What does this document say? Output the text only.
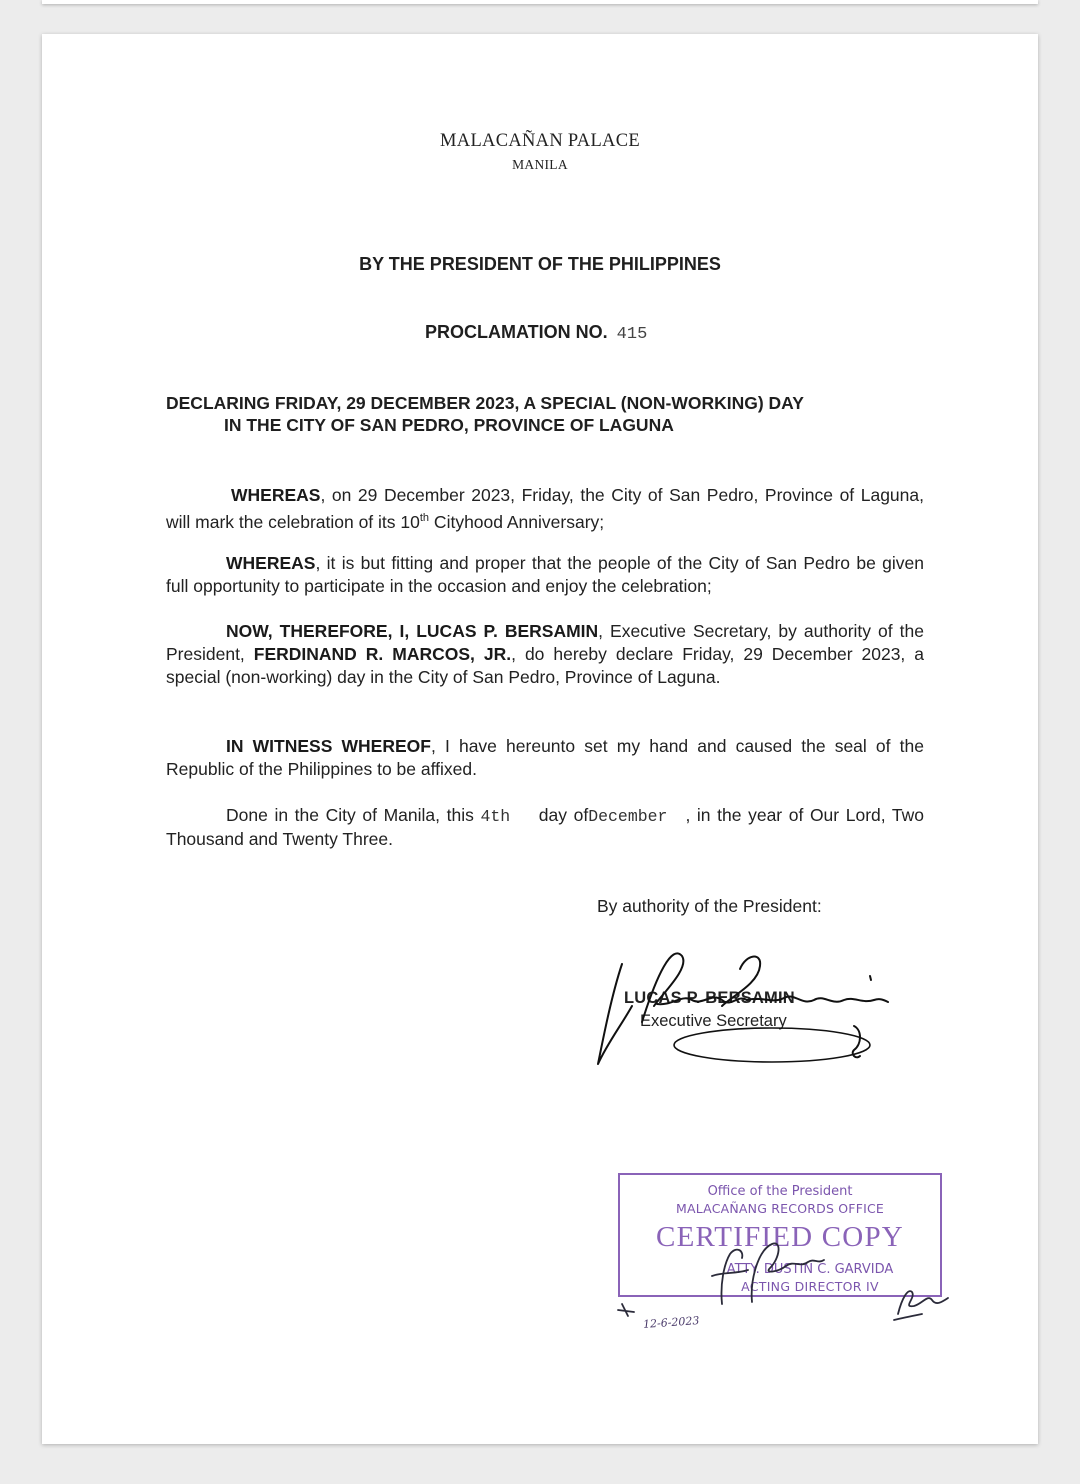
MALACAÑAN PALACE
MANILA
BY THE PRESIDENT OF THE PHILIPPINES
PROCLAMATION NO. 415
DECLARING FRIDAY, 29 DECEMBER 2023, A SPECIAL (NON-WORKING) DAY
IN THE CITY OF SAN PEDRO, PROVINCE OF LAGUNA
WHEREAS, on 29 December 2023, Friday, the City of San Pedro, Province of Laguna, will mark the celebration of its 10th Cityhood Anniversary;
WHEREAS, it is but fitting and proper that the people of the City of San Pedro be given full opportunity to participate in the occasion and enjoy the celebration;
NOW, THEREFORE, I, LUCAS P. BERSAMIN, Executive Secretary, by authority of the President, FERDINAND R. MARCOS, JR., do hereby declare Friday, 29 December 2023, a special (non-working) day in the City of San Pedro, Province of Laguna.
IN WITNESS WHEREOF, I have hereunto set my hand and caused the seal of the Republic of the Philippines to be affixed.
Done in the City of Manila, this 4th day ofDecember , in the year of Our Lord, Two Thousand and Twenty Three.
By authority of the President:
LUCAS P. BERSAMIN
Executive Secretary
Office of the President
MALACAÑANG RECORDS OFFICE
CERTIFIED COPY
ATTY. DUSTIN C. GARVIDA
ACTING DIRECTOR IV
12-6-2023
